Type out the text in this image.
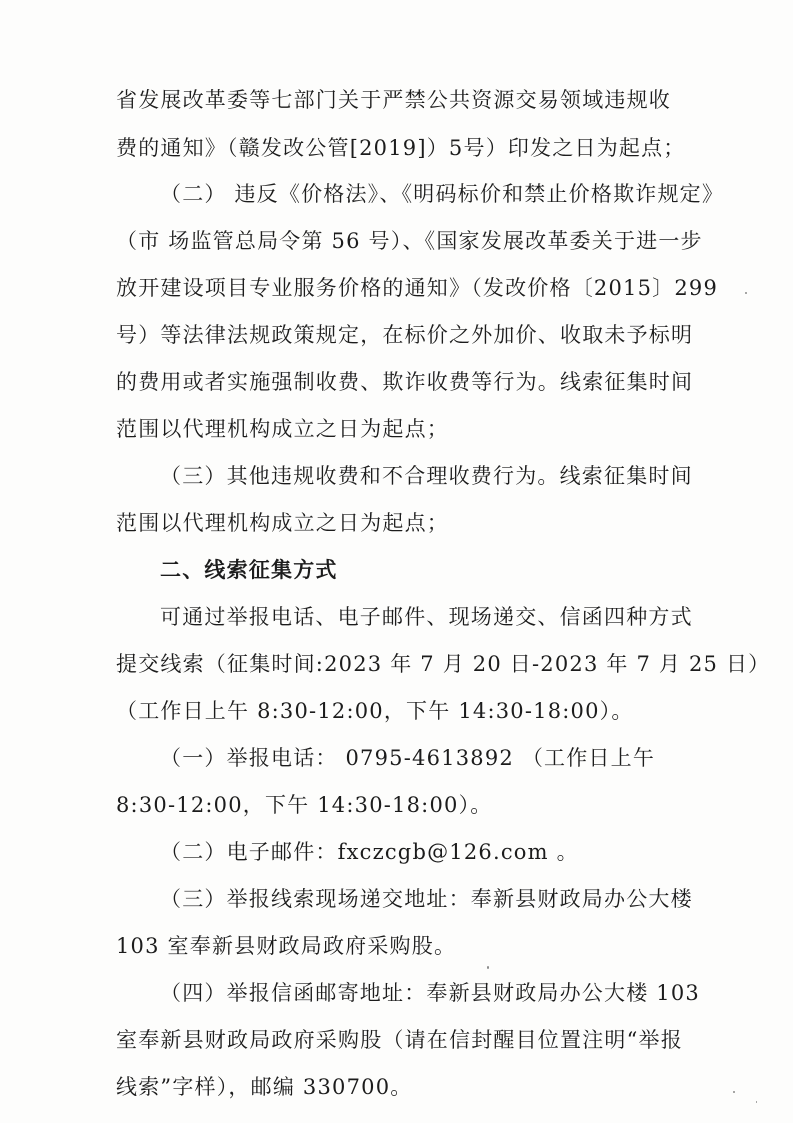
省发展改革委等七部门关于严禁公共资源交易领域违规收
费的通知》（赣发改公管[2019]）5号）印发之日为起点；
（二） 违反《价格法》、《明码标价和禁止价格欺诈规定》
（市 场监管总局令第 56 号）、《国家发展改革委关于进一步
放开建设项目专业服务价格的通知》（发改价格〔2015〕299
号）等法律法规政策规定，在标价之外加价、收取未予标明
的费用或者实施强制收费、欺诈收费等行为。线索征集时间
范围以代理机构成立之日为起点；
（三）其他违规收费和不合理收费行为。线索征集时间
范围以代理机构成立之日为起点；
二、线索征集方式
可通过举报电话、电子邮件、现场递交、信函四种方式
提交线索（征集时间:2023 年 7 月 20 日-2023 年 7 月 25 日）
（工作日上午 8:30-12:00，下午 14:30-18:00）。
（一）举报电话： 0795-4613892 （工作日上午
8:30-12:00，下午 14:30-18:00）。
（二）电子邮件：fxczcgb@126.com 。
（三）举报线索现场递交地址：奉新县财政局办公大楼
103 室奉新县财政局政府采购股。
（四）举报信函邮寄地址：奉新县财政局办公大楼 103
室奉新县财政局政府采购股（请在信封醒目位置注明“举报
线索”字样），邮编 330700。
